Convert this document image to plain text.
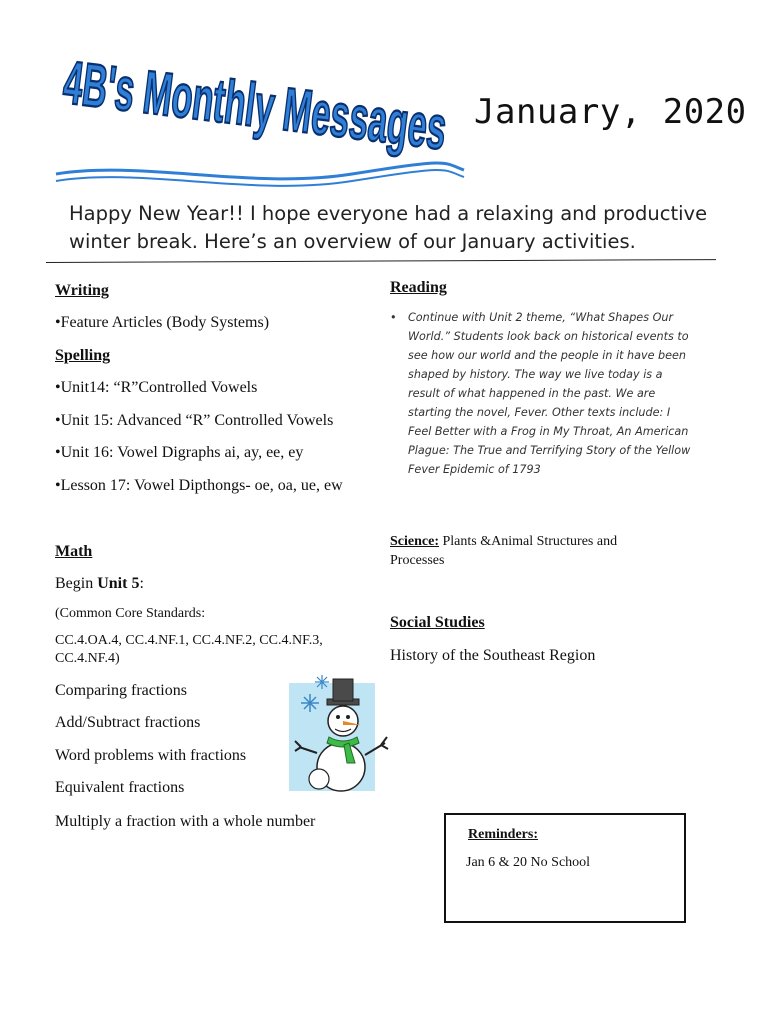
4B's Monthly Messages
January, 2020
Happy New Year!! I hope everyone had a relaxing and productive
winter break. Here’s an overview of our January activities.
Writing
•Feature Articles (Body Systems)
Spelling
•Unit14: “R”Controlled Vowels
•Unit 15: Advanced “R” Controlled Vowels
•Unit 16: Vowel Digraphs ai, ay, ee, ey
•Lesson 17: Vowel Dipthongs- oe, oa, ue, ew
Math
Begin Unit 5:
(Common Core Standards:
CC.4.OA.4, CC.4.NF.1, CC.4.NF.2, CC.4.NF.3,
CC.4.NF.4)
Comparing fractions
Add/Subtract fractions
Word problems with fractions
Equivalent fractions
Multiply a fraction with a whole number
Reading
•	Continue with Unit 2 theme, “What Shapes Our World.” Students look back on historical events to see how our world and the people in it have been shaped by history. The way we live today is a result of what happened in the past. We are starting the novel, Fever. Other texts include: I Feel Better with a Frog in My Throat, An American Plague: The True and Terrifying Story of the Yellow Fever Epidemic of 1793
Science: Plants &Animal Structures and Processes
Social Studies
History of the Southeast Region
Reminders:
Jan 6 & 20 No School
